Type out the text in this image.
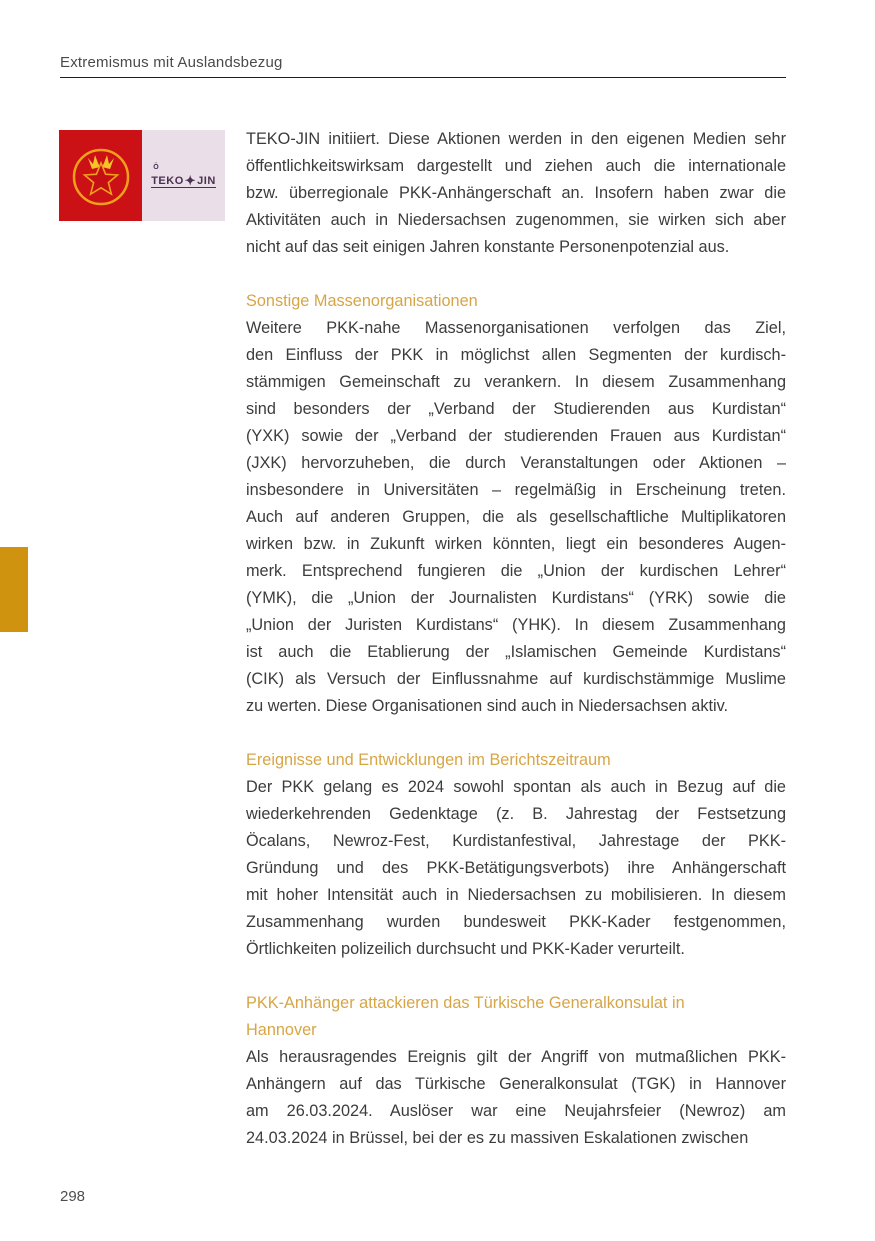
Extremismus mit Auslandsbezug
Ö
TEKO ✦ JIN
TEKO-JIN initiiert. Diese Aktionen werden in den eigenen Medien sehr
öffentlichkeitswirksam dargestellt und ziehen auch die internationale
bzw. überregionale PKK-Anhängerschaft an. Insofern haben zwar die
Aktivitäten auch in Niedersachsen zugenommen, sie wirken sich aber
nicht auf das seit einigen Jahren konstante Personenpotenzial aus.
Sonstige Massenorganisationen
Weitere PKK-nahe Massenorganisationen verfolgen das Ziel,
den Einfluss der PKK in möglichst allen Segmenten der kurdisch-
stämmigen Gemeinschaft zu verankern. In diesem Zusammenhang
sind besonders der „Verband der Studierenden aus Kurdistan“
(YXK) sowie der „Verband der studierenden Frauen aus Kurdistan“
(JXK) hervorzuheben, die durch Veranstaltungen oder Aktionen –
insbesondere in Universitäten – regelmäßig in Erscheinung treten.
Auch auf anderen Gruppen, die als gesellschaftliche Multiplikatoren
wirken bzw. in Zukunft wirken könnten, liegt ein besonderes Augen-
merk. Entsprechend fungieren die „Union der kurdischen Lehrer“
(YMK), die „Union der Journalisten Kurdistans“ (YRK) sowie die
„Union der Juristen Kurdistans“ (YHK). In diesem Zusammenhang
ist auch die Etablierung der „Islamischen Gemeinde Kurdistans“
(CIK) als Versuch der Einflussnahme auf kurdischstämmige Muslime
zu werten. Diese Organisationen sind auch in Niedersachsen aktiv.
Ereignisse und Entwicklungen im Berichtszeitraum
Der PKK gelang es 2024 sowohl spontan als auch in Bezug auf die
wiederkehrenden Gedenktage (z. B. Jahrestag der Festsetzung
Öcalans, Newroz-Fest, Kurdistanfestival, Jahrestage der PKK-
Gründung und des PKK-Betätigungsverbots) ihre Anhängerschaft
mit hoher Intensität auch in Niedersachsen zu mobilisieren. In diesem
Zusammenhang wurden bundesweit PKK-Kader festgenommen,
Örtlichkeiten polizeilich durchsucht und PKK-Kader verurteilt.
PKK-Anhänger attackieren das Türkische Generalkonsulat in
Hannover
Als herausragendes Ereignis gilt der Angriff von mutmaßlichen PKK-
Anhängern auf das Türkische Generalkonsulat (TGK) in Hannover
am 26.03.2024. Auslöser war eine Neujahrsfeier (Newroz) am
24.03.2024 in Brüssel, bei der es zu massiven Eskalationen zwischen
298
